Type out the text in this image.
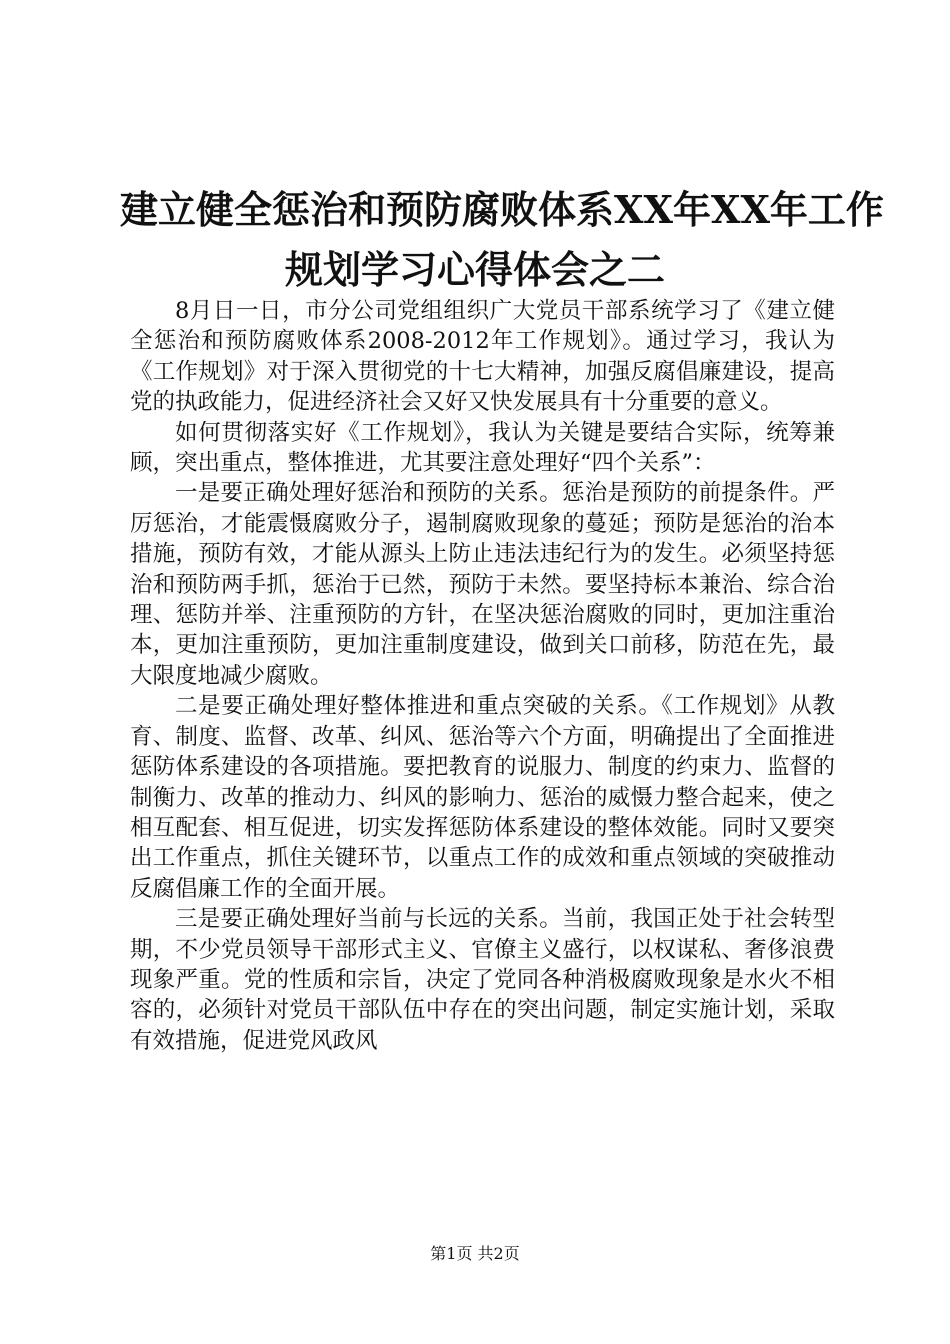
建立健全惩治和预防腐败体系XX年XX年工作
规划学习心得体会之二

8月日一日，市分公司党组组织广大党员干部系统学习了《建立健全惩治和预防腐败体系2008-2012年工作规划》。通过学习，我认为《工作规划》对于深入贯彻党的十七大精神，加强反腐倡廉建设，提高党的执政能力，促进经济社会又好又快发展具有十分重要的意义。

如何贯彻落实好《工作规划》，我认为关键是要结合实际，统筹兼顾，突出重点，整体推进，尤其要注意处理好“四个关系”：

一是要正确处理好惩治和预防的关系。惩治是预防的前提条件。严厉惩治，才能震慑腐败分子，遏制腐败现象的蔓延；预防是惩治的治本措施，预防有效，才能从源头上防止违法违纪行为的发生。必须坚持惩治和预防两手抓，惩治于已然，预防于未然。要坚持标本兼治、综合治理、惩防并举、注重预防的方针，在坚决惩治腐败的同时，更加注重治本，更加注重预防，更加注重制度建设，做到关口前移，防范在先，最大限度地减少腐败。

二是要正确处理好整体推进和重点突破的关系。《工作规划》从教育、制度、监督、改革、纠风、惩治等六个方面，明确提出了全面推进惩防体系建设的各项措施。要把教育的说服力、制度的约束力、监督的制衡力、改革的推动力、纠风的影响力、惩治的威慑力整合起来，使之相互配套、相互促进，切实发挥惩防体系建设的整体效能。同时又要突出工作重点，抓住关键环节，以重点工作的成效和重点领域的突破推动反腐倡廉工作的全面开展。

三是要正确处理好当前与长远的关系。当前，我国正处于社会转型期，不少党员领导干部形式主义、官僚主义盛行，以权谋私、奢侈浪费现象严重。党的性质和宗旨，决定了党同各种消极腐败现象是水火不相容的，必须针对党员干部队伍中存在的突出问题，制定实施计划，采取有效措施，促进党风政风

第1页 共2页
